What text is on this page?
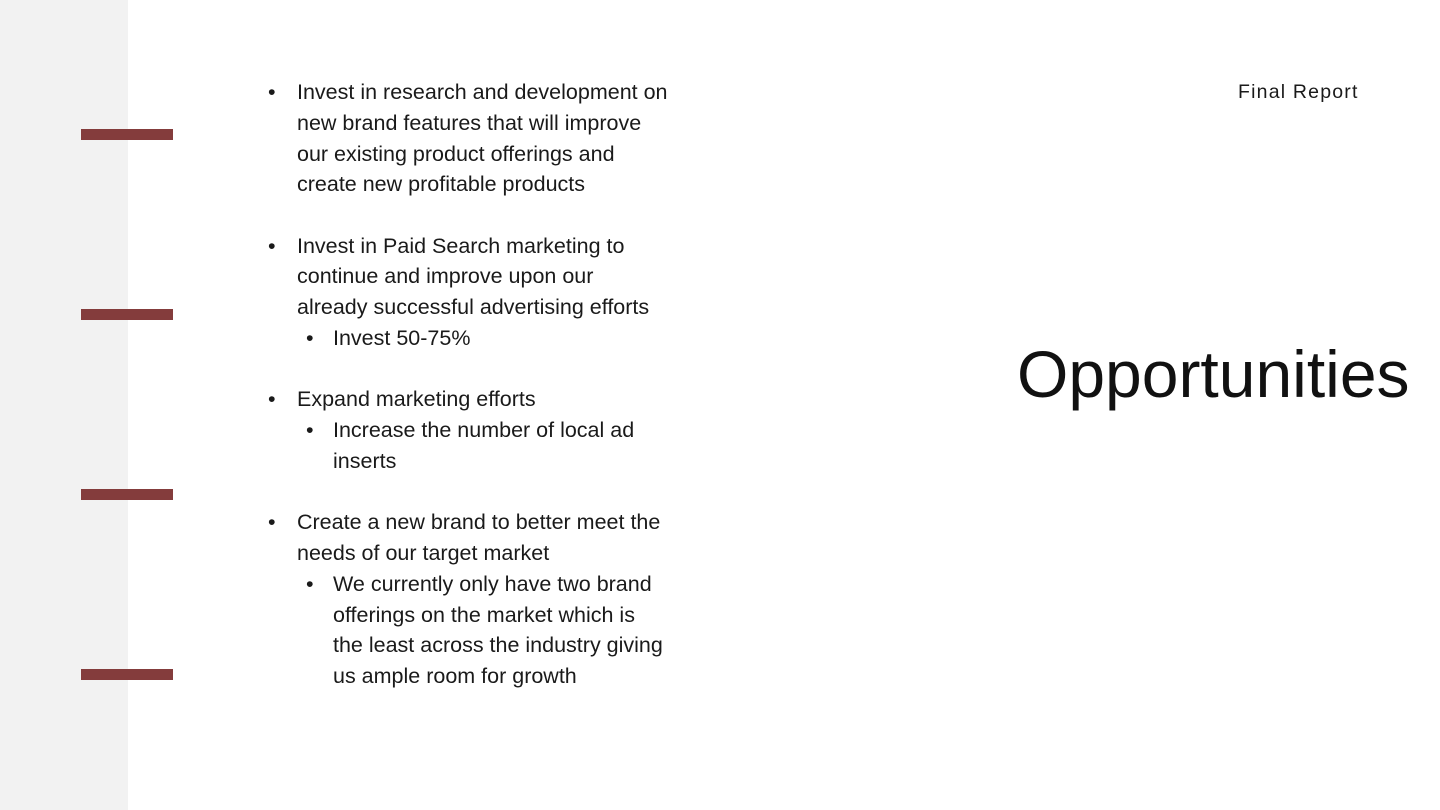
• Invest in research and development on new brand features that will improve our existing product offerings and create new profitable products
• Invest in Paid Search marketing to continue and improve upon our already successful advertising efforts
• Invest 50-75%
• Expand marketing efforts
• Increase the number of local ad inserts
• Create a new brand to better meet the needs of our target market
• We currently only have two brand offerings on the market which is the least across the industry giving us ample room for growth
Final Report
Opportunities
